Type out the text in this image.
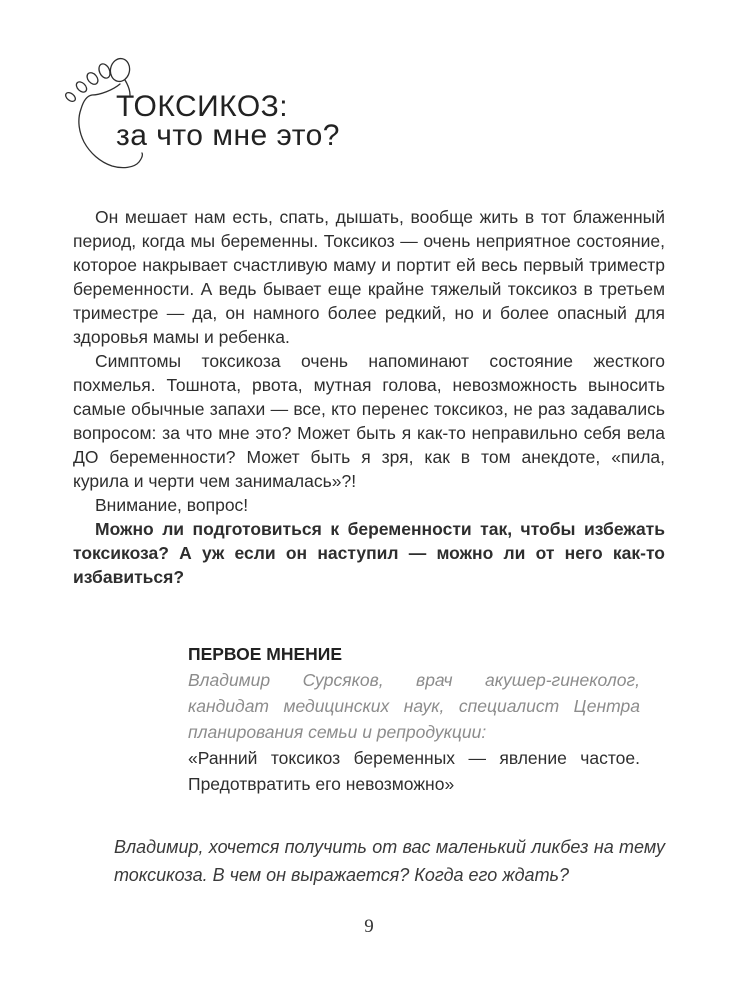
ТОКСИКОЗ:
за что мне это?

Он мешает нам есть, спать, дышать, вообще жить в тот блаженный период, когда мы беременны. Токсикоз — очень неприятное состояние, которое накрывает счастливую маму и портит ей весь первый триместр беременности. А ведь бывает еще крайне тяжелый токсикоз в третьем триместре — да, он намного более редкий, но и более опасный для здоровья мамы и ребенка.

Симптомы токсикоза очень напоминают состояние жесткого похмелья. Тошнота, рвота, мутная голова, невозможность выносить самые обычные запахи — все, кто перенес токсикоз, не раз задавались вопросом: за что мне это? Может быть я как-то неправильно себя вела ДО беременности? Может быть я зря, как в том анекдоте, «пила, курила и черти чем занималась»?!

Внимание, вопрос!

Можно ли подготовиться к беременности так, чтобы избежать токсикоза? А уж если он наступил — можно ли от него как-то избавиться?

ПЕРВОЕ МНЕНИЕ

Владимир Сурсяков, врач акушер-гинеколог, кандидат медицинских наук, специалист Центра планирования семьи и репродукции:

«Ранний токсикоз беременных — явление частое. Предотвратить его невозможно»

Владимир, хочется получить от вас маленький ликбез на тему токсикоза. В чем он выражается? Когда его ждать?

9
